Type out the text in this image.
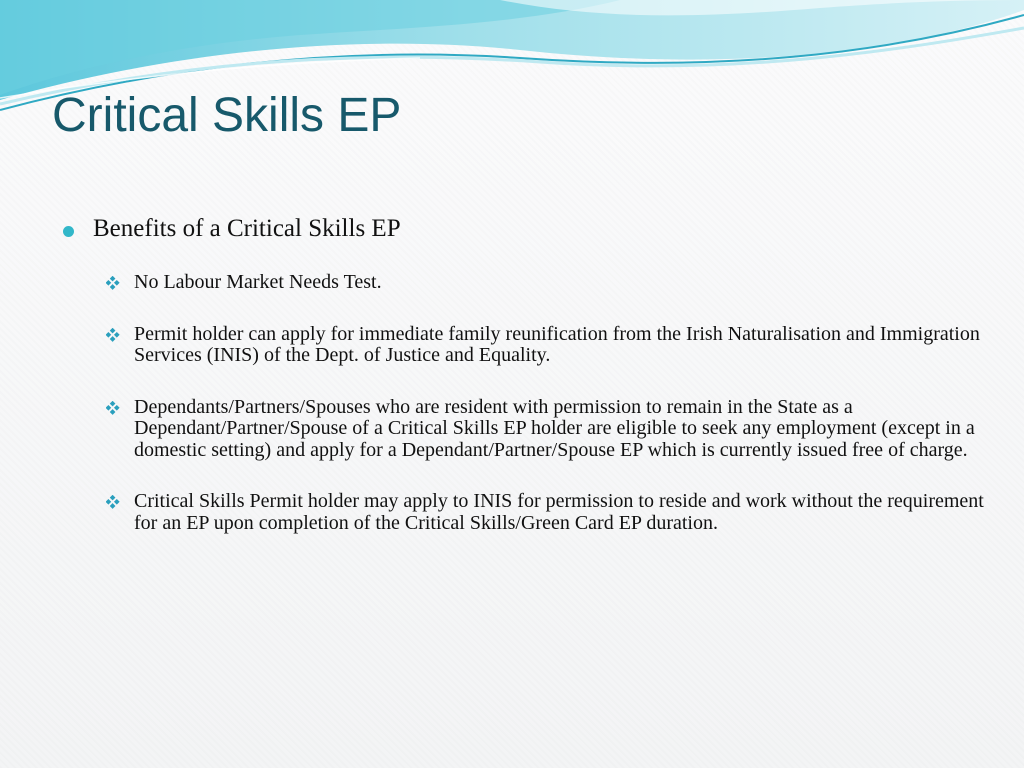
Critical Skills EP
Benefits of a Critical Skills EP
No Labour Market Needs Test.
Permit holder can apply for immediate family reunification from the Irish Naturalisation and Immigration Services (INIS) of the Dept. of Justice and Equality.
Dependants/Partners/Spouses who are resident with permission to remain in the State as a Dependant/Partner/Spouse of a Critical Skills EP holder are eligible to seek any employment (except in a domestic setting) and apply for a Dependant/Partner/Spouse EP which is currently issued free of charge.
Critical Skills Permit holder may apply to INIS for permission to reside and work without the requirement for an EP upon completion of the Critical Skills/Green Card EP duration.
